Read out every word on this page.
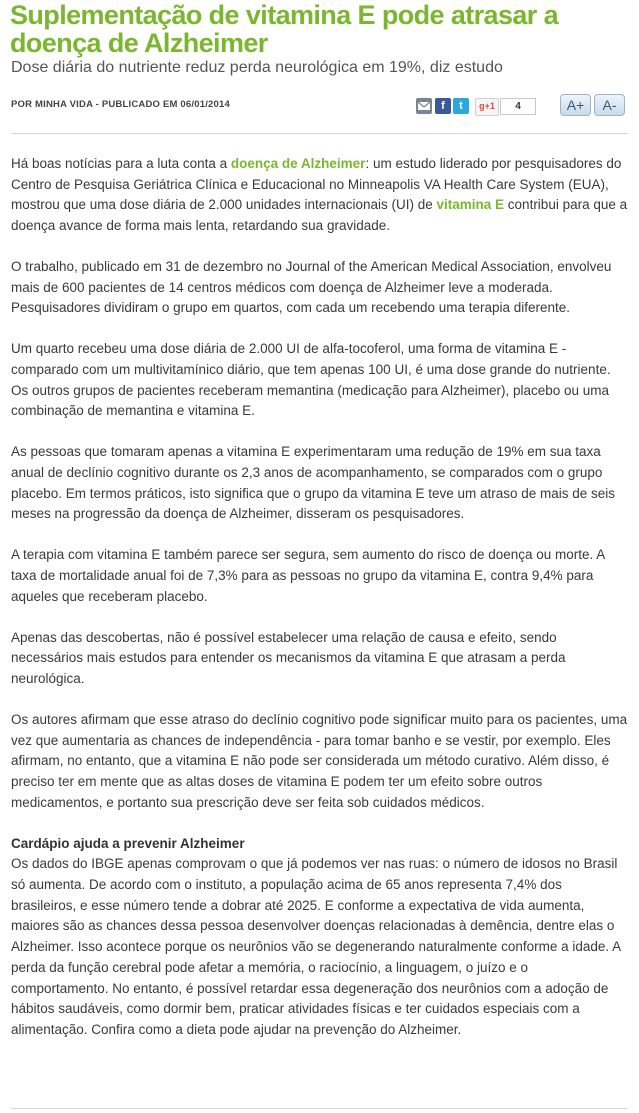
Suplementação de vitamina E pode atrasar a doença de Alzheimer
Dose diária do nutriente reduz perda neurológica em 19%, diz estudo
POR MINHA VIDA - PUBLICADO EM 06/01/2014	f	t	g+1	4	A+	A-

Há boas notícias para a luta conta a doença de Alzheimer: um estudo liderado por pesquisadores do Centro de Pesquisa Geriátrica Clínica e Educacional no Minneapolis VA Health Care System (EUA), mostrou que uma dose diária de 2.000 unidades internacionais (UI) de vitamina E contribui para que a doença avance de forma mais lenta, retardando sua gravidade.

O trabalho, publicado em 31 de dezembro no Journal of the American Medical Association, envolveu mais de 600 pacientes de 14 centros médicos com doença de Alzheimer leve a moderada. Pesquisadores dividiram o grupo em quartos, com cada um recebendo uma terapia diferente.

Um quarto recebeu uma dose diária de 2.000 UI de alfa-tocoferol, uma forma de vitamina E - comparado com um multivitamínico diário, que tem apenas 100 UI, é uma dose grande do nutriente. Os outros grupos de pacientes receberam memantina (medicação para Alzheimer), placebo ou uma combinação de memantina e vitamina E.

As pessoas que tomaram apenas a vitamina E experimentaram uma redução de 19% em sua taxa anual de declínio cognitivo durante os 2,3 anos de acompanhamento, se comparados com o grupo placebo. Em termos práticos, isto significa que o grupo da vitamina E teve um atraso de mais de seis meses na progressão da doença de Alzheimer, disseram os pesquisadores.

A terapia com vitamina E também parece ser segura, sem aumento do risco de doença ou morte. A taxa de mortalidade anual foi de 7,3% para as pessoas no grupo da vitamina E, contra 9,4% para aqueles que receberam placebo.

Apenas das descobertas, não é possível estabelecer uma relação de causa e efeito, sendo necessários mais estudos para entender os mecanismos da vitamina E que atrasam a perda neurológica.

Os autores afirmam que esse atraso do declínio cognitivo pode significar muito para os pacientes, uma vez que aumentaria as chances de independência - para tomar banho e se vestir, por exemplo. Eles afirmam, no entanto, que a vitamina E não pode ser considerada um método curativo. Além disso, é preciso ter em mente que as altas doses de vitamina E podem ter um efeito sobre outros medicamentos, e portanto sua prescrição deve ser feita sob cuidados médicos.

Cardápio ajuda a prevenir Alzheimer
Os dados do IBGE apenas comprovam o que já podemos ver nas ruas: o número de idosos no Brasil só aumenta. De acordo com o instituto, a população acima de 65 anos representa 7,4% dos brasileiros, e esse número tende a dobrar até 2025. E conforme a expectativa de vida aumenta, maiores são as chances dessa pessoa desenvolver doenças relacionadas à demência, dentre elas o Alzheimer. Isso acontece porque os neurônios vão se degenerando naturalmente conforme a idade. A perda da função cerebral pode afetar a memória, o raciocínio, a linguagem, o juízo e o comportamento. No entanto, é possível retardar essa degeneração dos neurônios com a adoção de hábitos saudáveis, como dormir bem, praticar atividades físicas e ter cuidados especiais com a alimentação. Confira como a dieta pode ajudar na prevenção do Alzheimer.
